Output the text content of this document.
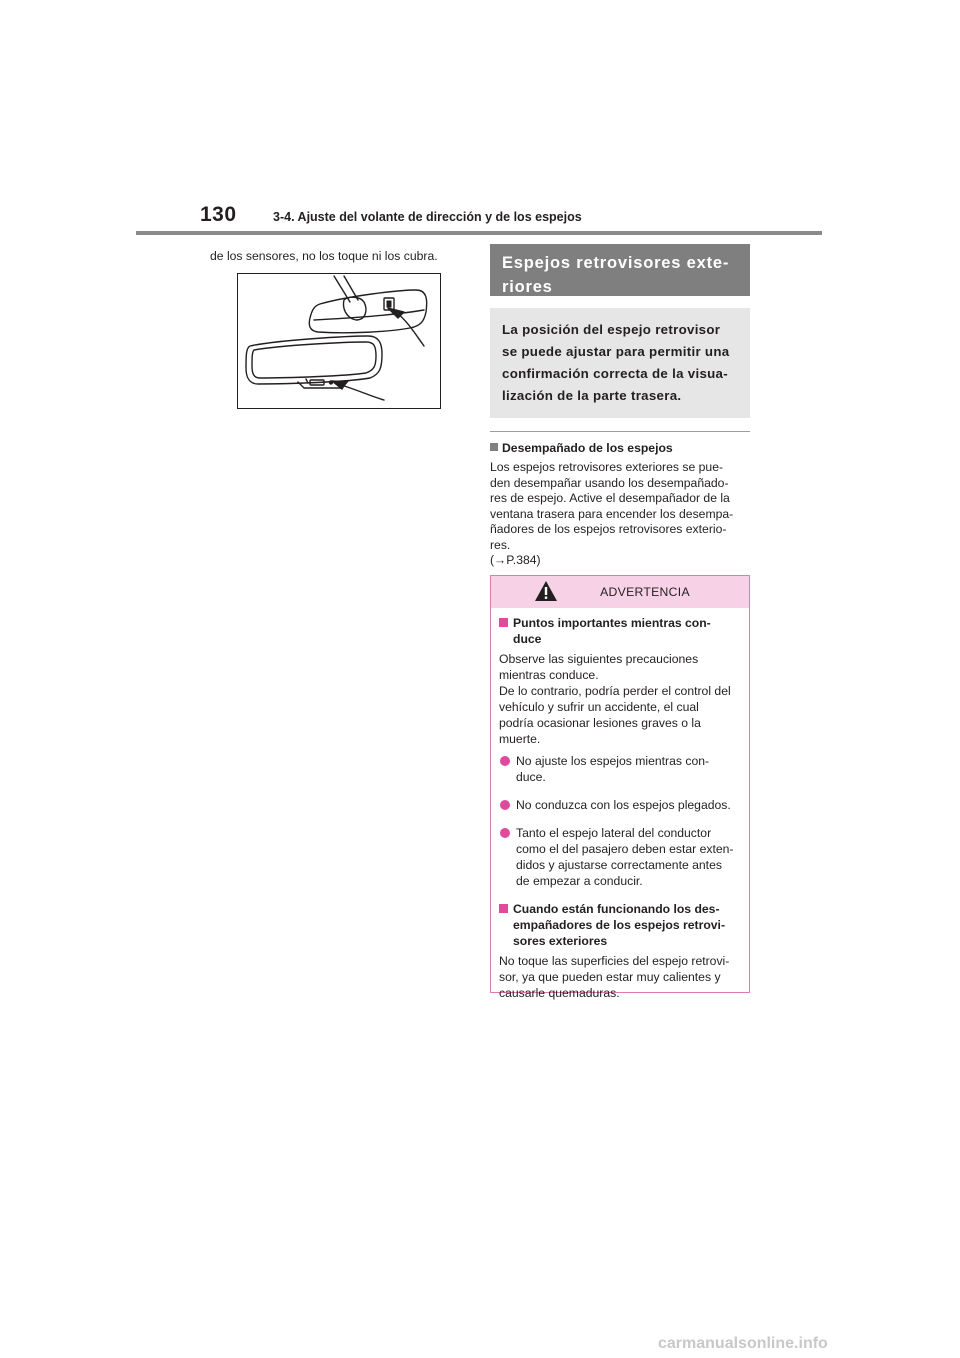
130	3-4. Ajuste del volante de dirección y de los espejos

de los sensores, no los toque ni los cubra.	Espejos retrovisores exte-
riores
La posición del espejo retrovisor
se puede ajustar para permitir una
confirmación correcta de la visua-
lización de la parte trasera.
Desempañado de los espejos
Los espejos retrovisores exteriores se pue-
den desempañar usando los desempañado-
res de espejo. Active el desempañador de la
ventana trasera para encender los desempa-
ñadores de los espejos retrovisores exterio-
res.
(→P.384)
ADVERTENCIA
Puntos importantes mientras con-
duce
Observe las siguientes precauciones
mientras conduce.
De lo contrario, podría perder el control del
vehículo y sufrir un accidente, el cual
podría ocasionar lesiones graves o la
muerte.
No ajuste los espejos mientras con-
duce.
No conduzca con los espejos plegados.
Tanto el espejo lateral del conductor
como el del pasajero deben estar exten-
didos y ajustarse correctamente antes
de empezar a conducir.
Cuando están funcionando los des-
empañadores de los espejos retrovi-
sores exteriores
No toque las superficies del espejo retrovi-
sor, ya que pueden estar muy calientes y
causarle quemaduras.
carmanualsonline.info
